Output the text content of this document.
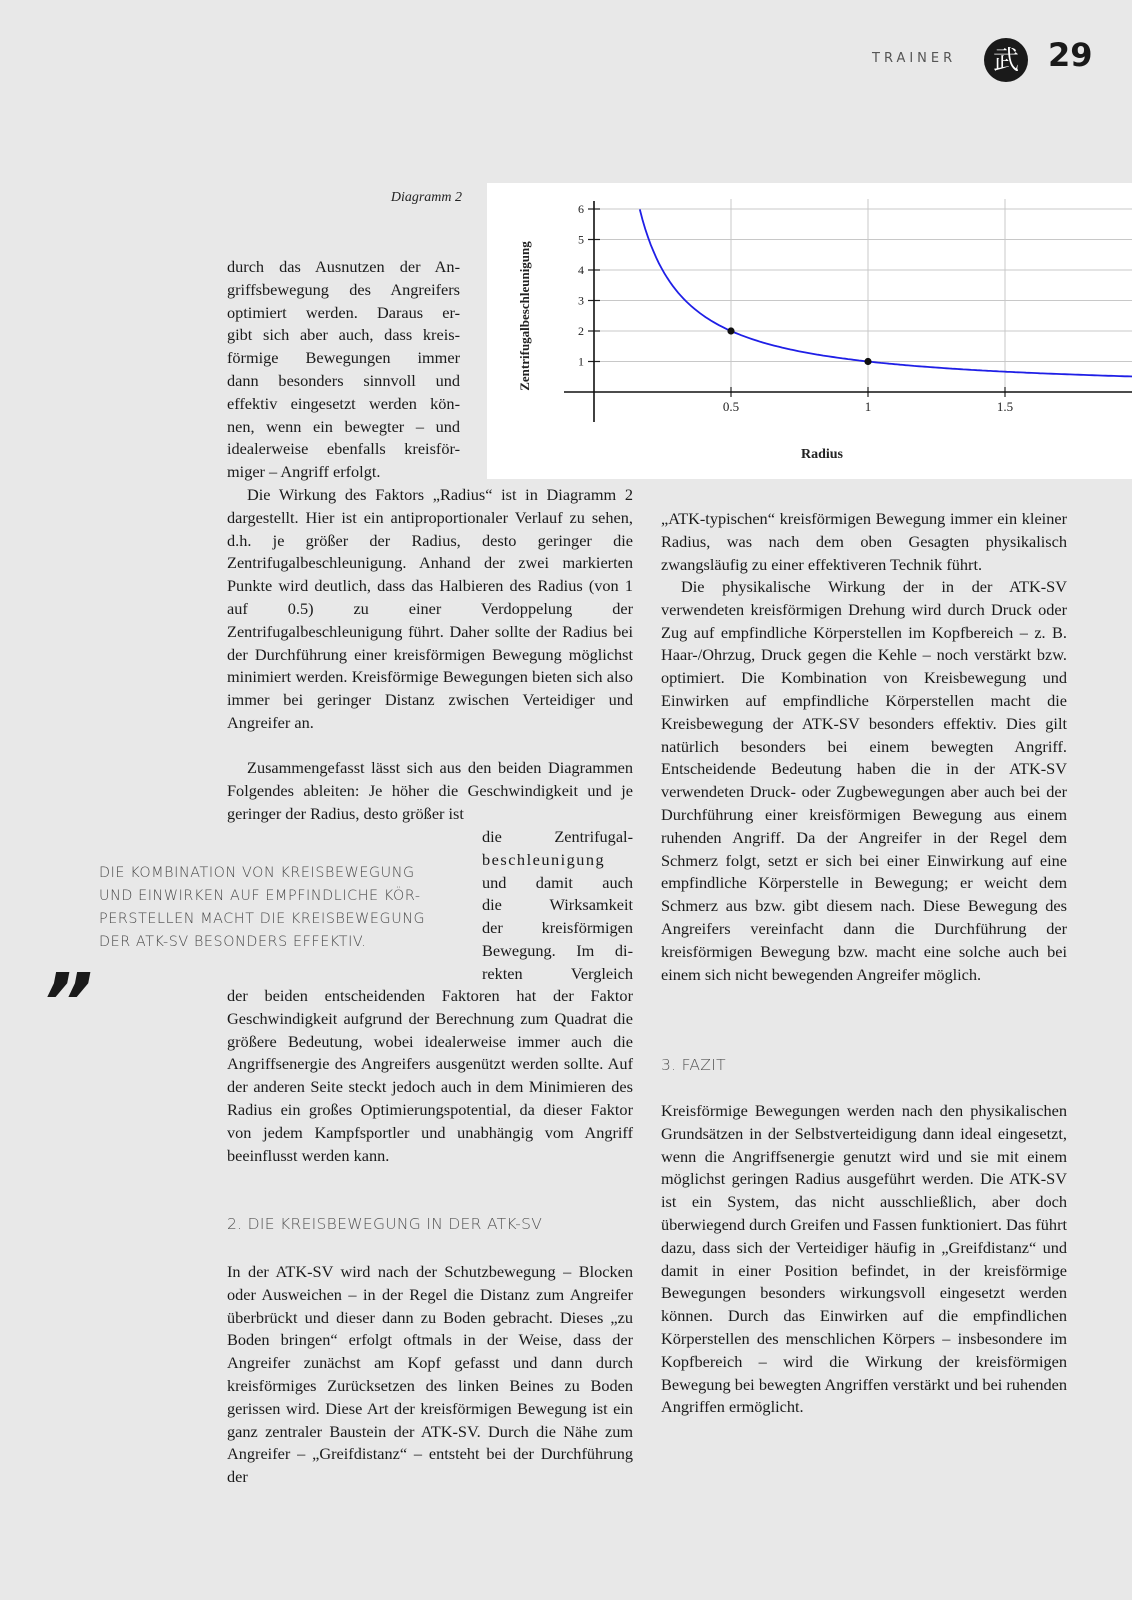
TRAINER 武 29
Diagramm 2
1
2
3
4
5
6
0.5	1	1.5
Radius
Zentrifugalbeschleunigung
durch das Ausnutzen der An-
griffsbewegung des Angreifers
optimiert werden. Daraus er-
gibt sich aber auch, dass kreis-
förmige Bewegungen immer
dann besonders sinnvoll und
effektiv eingesetzt werden kön-
nen, wenn ein bewegter – und
idealerweise ebenfalls kreisför-
miger – Angriff erfolgt.

Die Wirkung des Faktors „Radius“ ist in Diagramm 2 dargestellt. Hier ist ein antiproportionaler Verlauf zu sehen, d.h. je größer der Radius, desto geringer die Zentrifugalbeschleunigung. Anhand der zwei markierten Punkte wird deutlich, dass das Halbieren des Radius (von 1 auf 0.5) zu einer Verdoppelung der Zentrifugalbeschleunigung führt. Daher sollte der Radius bei der Durchführung einer kreisförmigen Bewegung möglichst minimiert werden. Kreisförmige Bewegungen bieten sich also immer bei geringer Distanz zwischen Verteidiger und Angreifer an.

Zusammengefasst lässt sich aus den beiden Diagrammen Folgendes ableiten: Je höher die Geschwindigkeit und je geringer der Radius, desto größer ist

die Zentrifugal-
beschleunigung
und damit auch
die Wirksamkeit
der kreisförmigen
Bewegung. Im di-
rekten Vergleich

der beiden entscheidenden Faktoren hat der Faktor Geschwindigkeit aufgrund der Berechnung zum Quadrat die größere Bedeutung, wobei idealerweise immer auch die Angriffsenergie des Angreifers ausgenützt werden sollte. Auf der anderen Seite steckt jedoch auch in dem Minimieren des Radius ein großes Optimierungspotential, da dieser Faktor von jedem Kampfsportler und unabhängig vom Angriff beeinflusst werden kann.

2. DIE KREISBEWEGUNG IN DER ATK-SV

In der ATK-SV wird nach der Schutzbewegung – Blocken oder Ausweichen – in der Regel die Distanz zum Angreifer überbrückt und dieser dann zu Boden gebracht. Dieses „zu Boden bringen“ erfolgt oftmals in der Weise, dass der Angreifer zunächst am Kopf gefasst und dann durch kreisförmiges Zurücksetzen des linken Beines zu Boden gerissen wird. Diese Art der kreisförmigen Bewegung ist ein ganz zentraler Baustein der ATK-SV. Durch die Nähe zum Angreifer – „Greifdistanz“ – entsteht bei der Durchführung der

„ATK-typischen“ kreisförmigen Bewegung immer ein kleiner Radius, was nach dem oben Gesagten physikalisch zwangsläufig zu einer effektiveren Technik führt.

Die physikalische Wirkung der in der ATK-SV verwendeten kreisförmigen Drehung wird durch Druck oder Zug auf empfindliche Körperstellen im Kopfbereich – z. B. Haar-/Ohrzug, Druck gegen die Kehle – noch verstärkt bzw. optimiert. Die Kombination von Kreisbewegung und Einwirken auf empfindliche Körperstellen macht die Kreisbewegung der ATK-SV besonders effektiv. Dies gilt natürlich besonders bei einem bewegten Angriff. Entscheidende Bedeutung haben die in der ATK-SV verwendeten Druck- oder Zugbewegungen aber auch bei der Durchführung einer kreisförmigen Bewegung aus einem ruhenden Angriff. Da der Angreifer in der Regel dem Schmerz folgt, setzt er sich bei einer Einwirkung auf eine empfindliche Körperstelle in Bewegung; er weicht dem Schmerz aus bzw. gibt diesem nach. Diese Bewegung des Angreifers vereinfacht dann die Durchführung der kreisförmigen Bewegung bzw. macht eine solche auch bei einem sich nicht bewegenden Angreifer möglich.

3. FAZIT

Kreisförmige Bewegungen werden nach den physikalischen Grundsätzen in der Selbstverteidigung dann ideal eingesetzt, wenn die Angriffsenergie genutzt wird und sie mit einem möglichst geringen Radius ausgeführt werden. Die ATK-SV ist ein System, das nicht ausschließlich, aber doch überwiegend durch Greifen und Fassen funktioniert. Das führt dazu, dass sich der Verteidiger häufig in „Greifdistanz“ und damit in einer Position befindet, in der kreisförmige Bewegungen besonders wirkungsvoll eingesetzt werden können. Durch das Einwirken auf die empfindlichen Körperstellen des menschlichen Körpers – insbesondere im Kopfbereich – wird die Wirkung der kreisförmigen Bewegung bei bewegten Angriffen verstärkt und bei ruhenden Angriffen ermöglicht.

„
DIE KOMBINATION VON KREISBEWEGUNG
UND EINWIRKEN AUF EMPFINDLICHE KÖR-
PERSTELLEN MACHT DIE KREISBEWEGUNG
DER ATK-SV BESONDERS EFFEKTIV.
